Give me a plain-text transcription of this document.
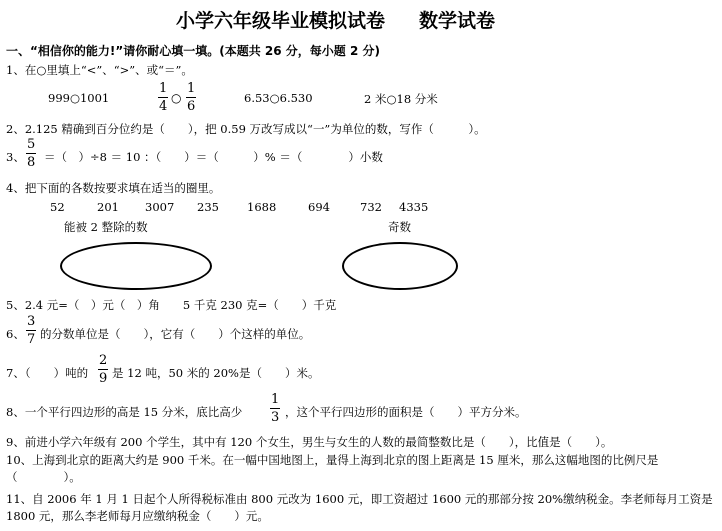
小学六年级毕业模拟试卷 数学试卷
一、“相信你的能力!”请你耐心填一填。(本题共 26 分，每小题 2 分)
1、在○里填上“<”、“>”、或“＝”。
999○1001
1
4
○
1
6
6.53○6.530	2 米○18 分米
2、2.125 精确到百分位约是（　　），把 0.59 万改写成以“一”为单位的数，写作（　　　）。
3、
5
8 ＝（　）÷8 ＝ 10 ：（　　）＝（　　　）% ＝（　　　　）小数
4、把下面的各数按要求填在适当的圈里。
52	201 3007 235 1688	694	732 4335
能被 2 整除的数	奇数
5、2.4 元=（　）元（　）角　　5 千克 230 克=（　　）千克
6、
3
7 的分数单位是（　　），它有（　　）个这样的单位。
7、（　　）吨的
2
9 是 12 吨，50 米的 20%是（　　）米。
8、一个平行四边形的高是 15 分米，底比高少
1
3 ，这个平行四边形的面积是（　　）平方分米。
9、前进小学六年级有 200 个学生，其中有 120 个女生，男生与女生的人数的最简整数比是（　　），比值是（　　）。
10、上海到北京的距离大约是 900 千米。在一幅中国地图上，量得上海到北京的图上距离是 15 厘米，那么这幅地图的比例尺是（　　　　）。
11、自 2006 年 1 月 1 日起个人所得税标准由 800 元改为 1600 元，即工资超过 1600 元的那部分按 20%缴纳税金。李老师每月工资是 1800 元，那么李老师每月应缴纳税金（　　）元。
